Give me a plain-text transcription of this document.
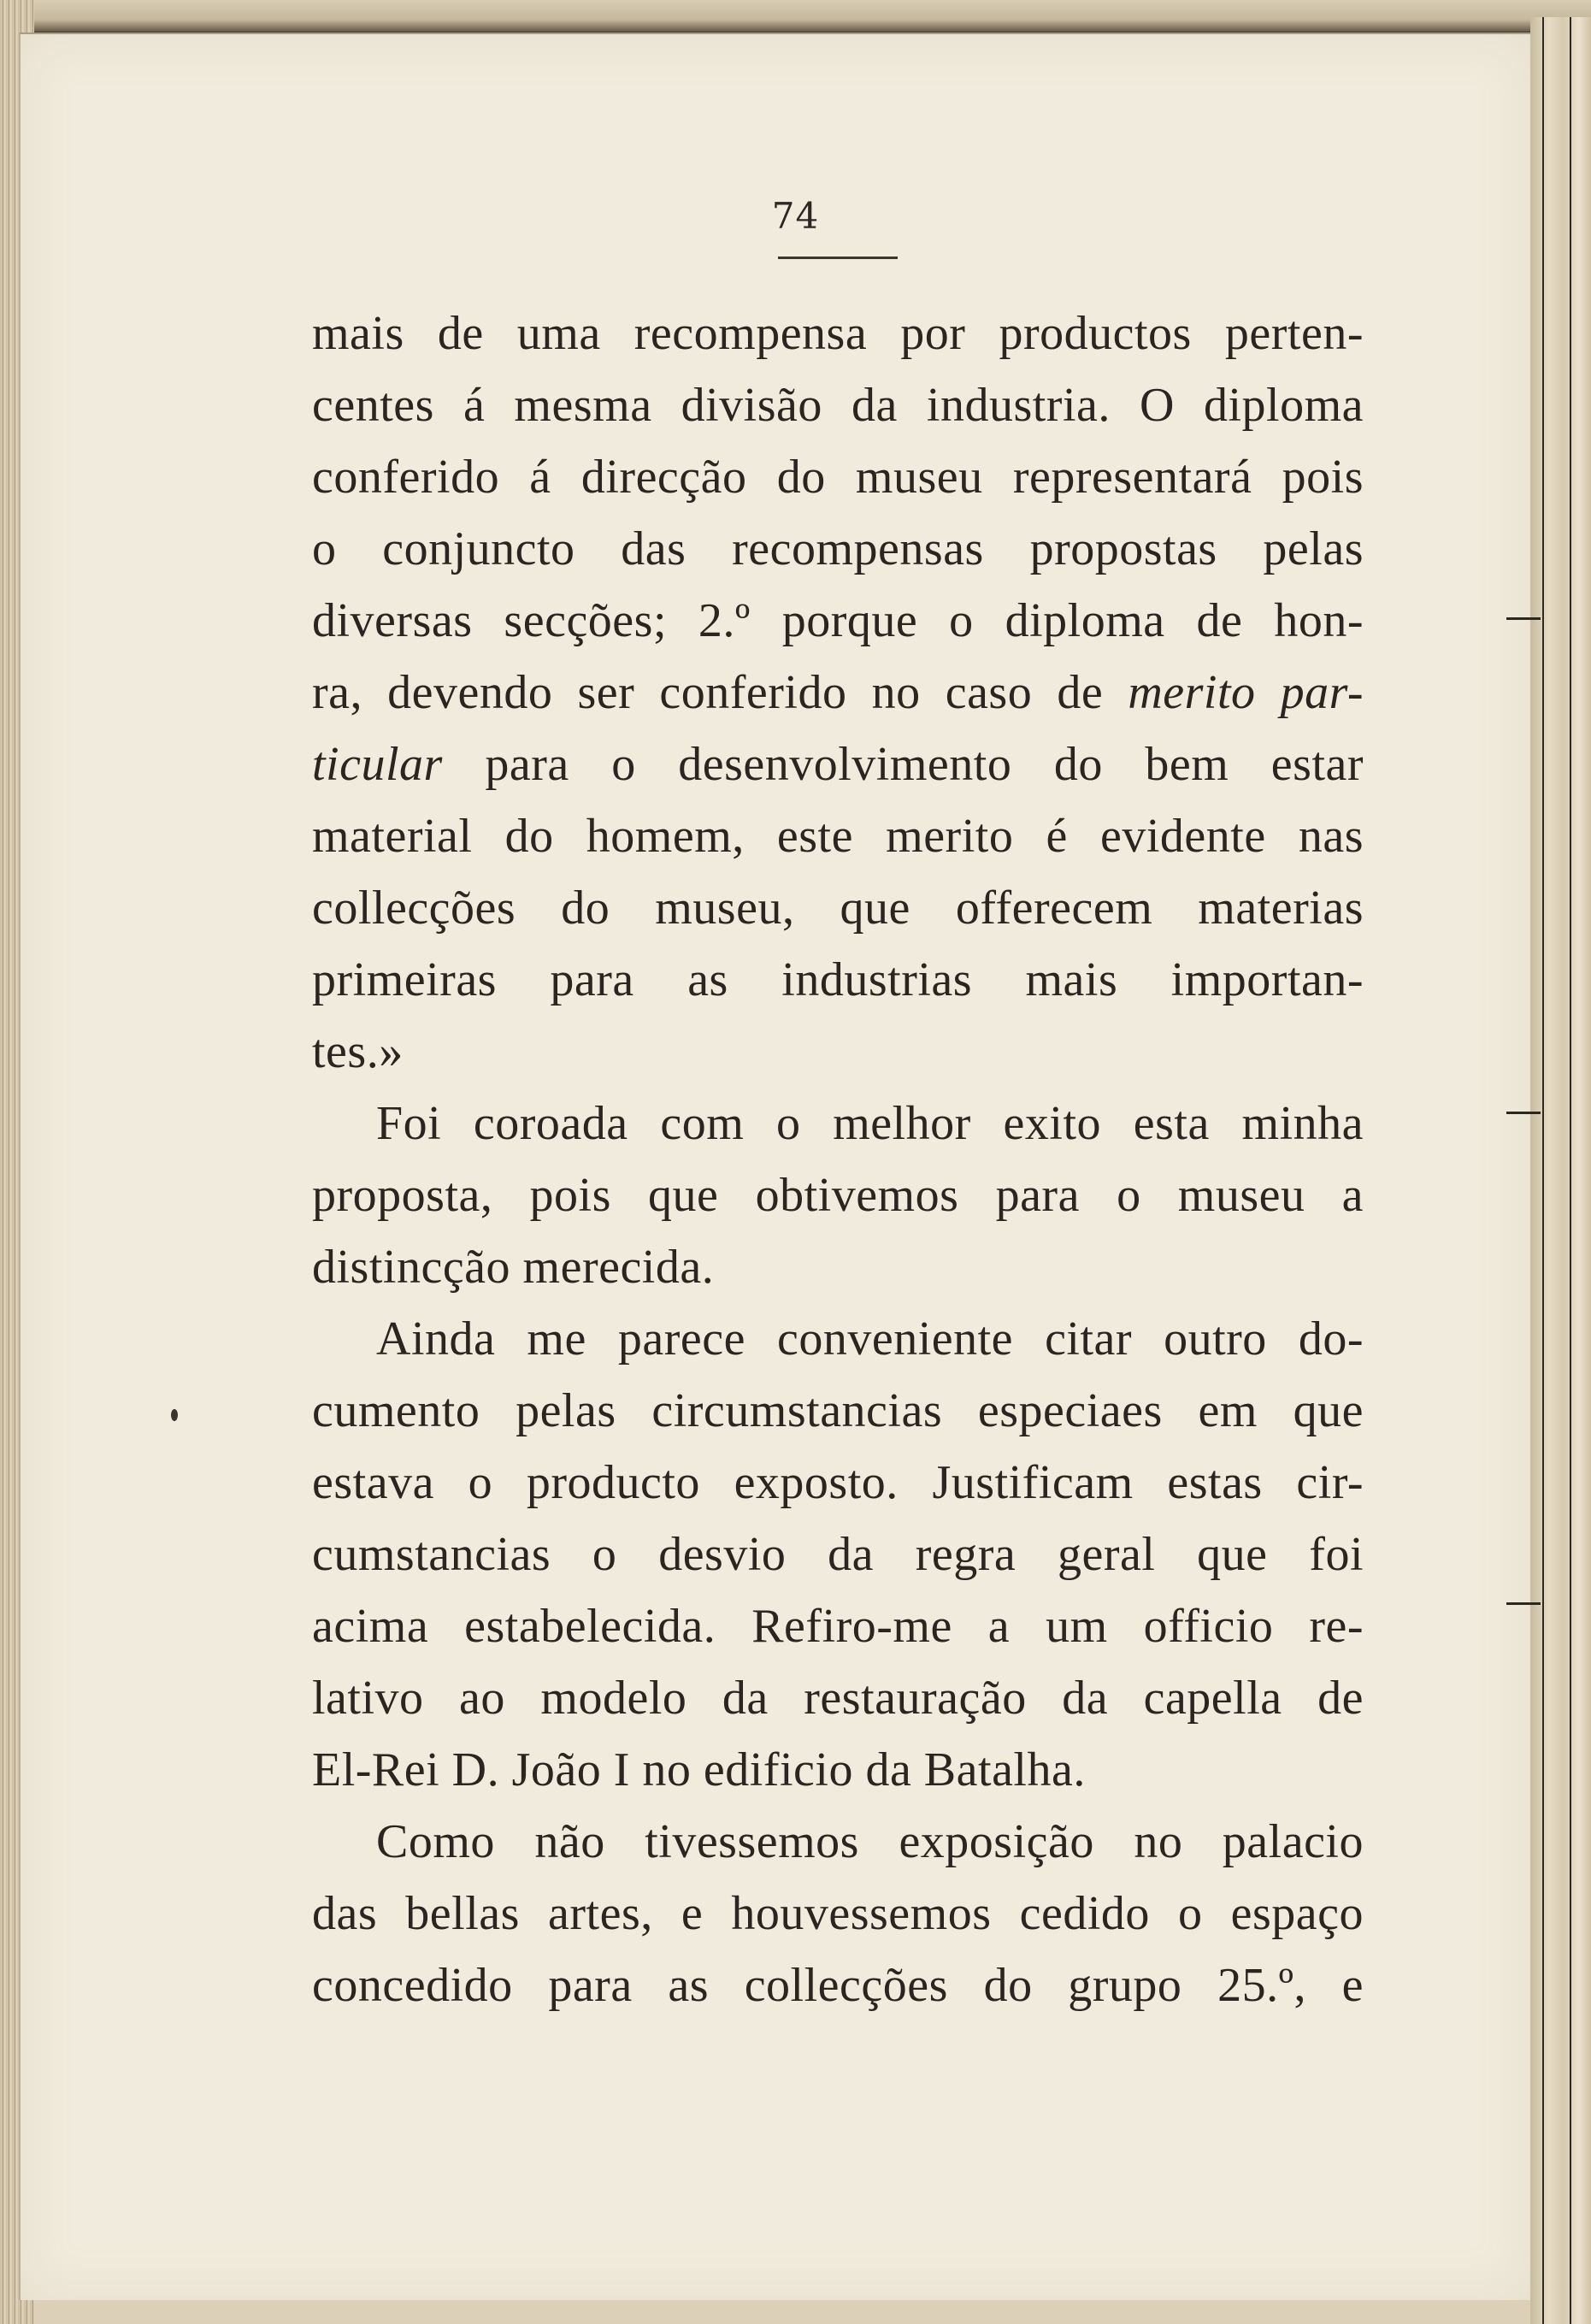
74
mais de uma recompensa por productos perten-
centes á mesma divisão da industria. O diploma
conferido á direcção do museu representará pois
o conjuncto das recompensas propostas pelas
diversas secções; 2.º porque o diploma de hon-
ra, devendo ser conferido no caso de merito par-
ticular para o desenvolvimento do bem estar
material do homem, este merito é evidente nas
collecções do museu, que offerecem materias
primeiras para as industrias mais importan-
tes.»
Foi coroada com o melhor exito esta minha
proposta, pois que obtivemos para o museu a
distincção merecida.
Ainda me parece conveniente citar outro do-
cumento pelas circumstancias especiaes em que
estava o producto exposto. Justificam estas cir-
cumstancias o desvio da regra geral que foi
acima estabelecida. Refiro-me a um officio re-
lativo ao modelo da restauração da capella de
El-Rei D. João I no edificio da Batalha.
Como não tivessemos exposição no palacio
das bellas artes, e houvessemos cedido o espaço
concedido para as collecções do grupo 25.º, e
